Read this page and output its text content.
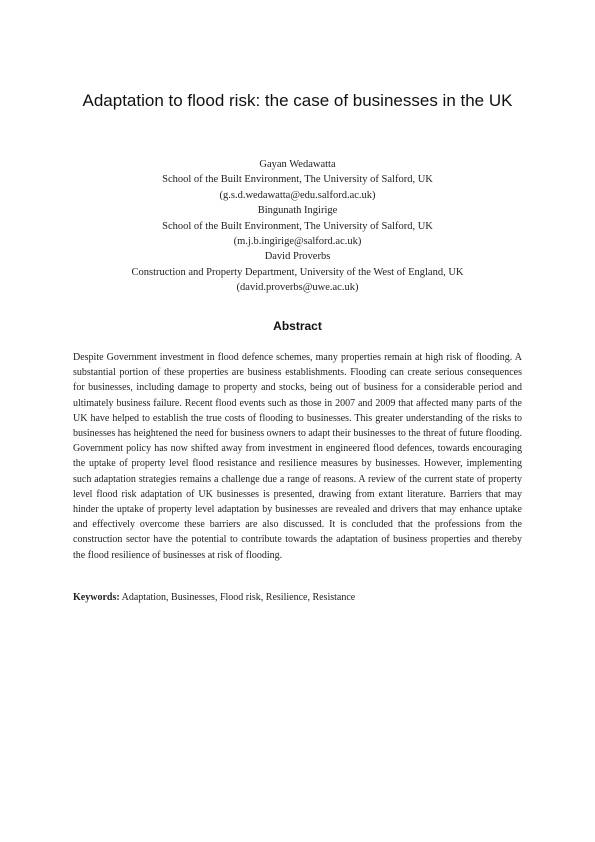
Adaptation to flood risk: the case of businesses in the UK
Gayan Wedawatta
School of the Built Environment, The University of Salford, UK
(g.s.d.wedawatta@edu.salford.ac.uk)
Bingunath Ingirige
School of the Built Environment, The University of Salford, UK
(m.j.b.ingirige@salford.ac.uk)
David Proverbs
Construction and Property Department, University of the West of England, UK
(david.proverbs@uwe.ac.uk)
Abstract

Despite Government investment in flood defence schemes, many properties remain at high risk of flooding. A substantial portion of these properties are business establishments. Flooding can create serious consequences for businesses, including damage to property and stocks, being out of business for a considerable period and ultimately business failure. Recent flood events such as those in 2007 and 2009 that affected many parts of the UK have helped to establish the true costs of flooding to businesses. This greater understanding of the risks to businesses has heightened the need for business owners to adapt their businesses to the threat of future flooding. Government policy has now shifted away from investment in engineered flood defences, towards encouraging the uptake of property level flood resistance and resilience measures by businesses. However, implementing such adaptation strategies remains a challenge due a range of reasons. A review of the current state of property level flood risk adaptation of UK businesses is presented, drawing from extant literature. Barriers that may hinder the uptake of property level adaptation by businesses are revealed and drivers that may enhance uptake and effectively overcome these barriers are also discussed. It is concluded that the professions from the construction sector have the potential to contribute towards the adaptation of business properties and thereby the flood resilience of businesses at risk of flooding.

Keywords: Adaptation, Businesses, Flood risk, Resilience, Resistance
